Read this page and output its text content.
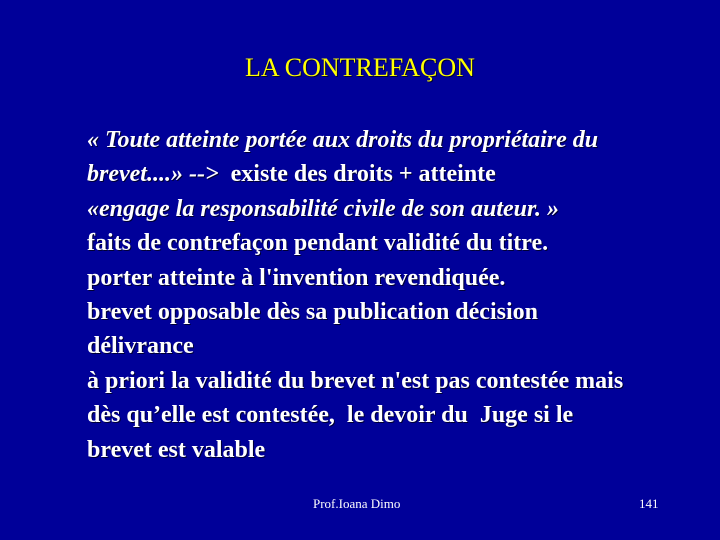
LA CONTREFAÇON
« Toute atteinte portée aux droits du propriétaire du
brevet....» -->  existe des droits + atteinte
«engage la responsabilité civile de son auteur. »
faits de contrefaçon pendant validité du titre.
porter atteinte à l'invention revendiquée.
brevet opposable dès sa publication décision
délivrance
à priori la validité du brevet n'est pas contestée mais
dès qu’elle est contestée,  le devoir du  Juge si le
brevet est valable
Prof.Ioana Dimo	141
